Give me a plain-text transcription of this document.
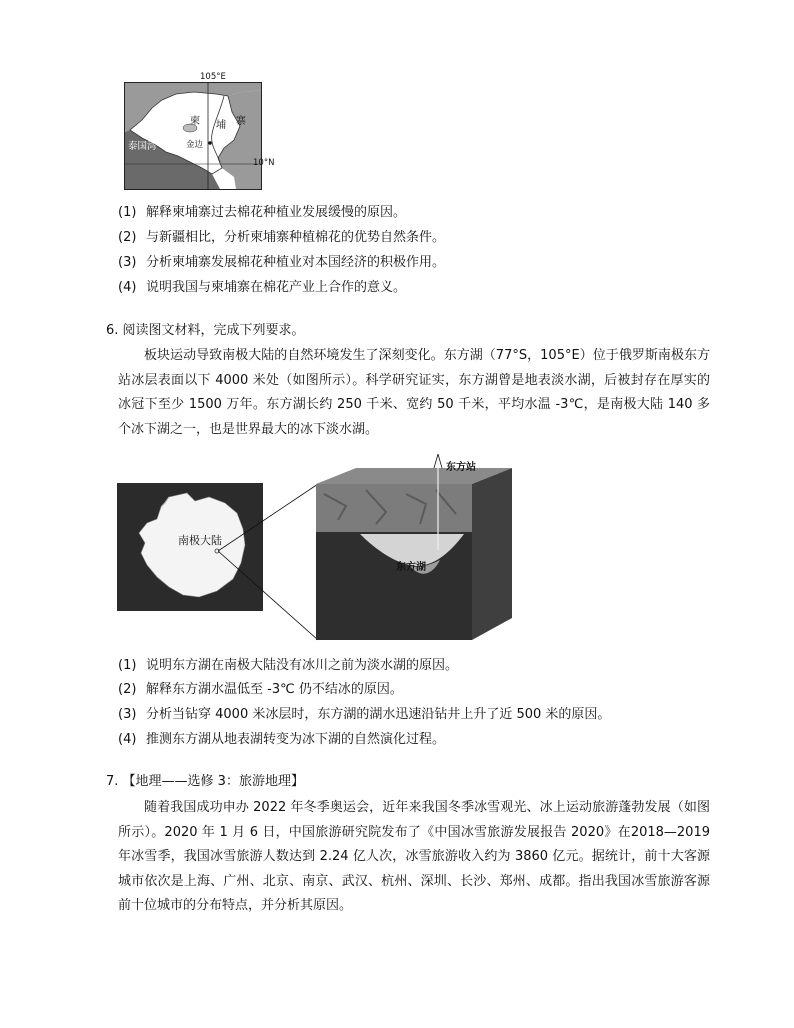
105°E
10°N
柬 埔 寨
金边
泰国湾
(1) 解释柬埔寨过去棉花种植业发展缓慢的原因。
(2) 与新疆相比，分析柬埔寨种植棉花的优势自然条件。
(3) 分析柬埔寨发展棉花种植业对本国经济的积极作用。
(4) 说明我国与柬埔寨在棉花产业上合作的意义。
6. 阅读图文材料，完成下列要求。
板块运动导致南极大陆的自然环境发生了深刻变化。东方湖（77°S，105°E）位于俄罗斯南极东方站冰层表面以下 4000 米处（如图所示）。科学研究证实，东方湖曾是地表淡水湖，后被封存在厚实的冰冠下至少 1500 万年。东方湖长约 250 千米、宽约 50 千米，平均水温 -3℃，是南极大陆 140 多个冰下湖之一，也是世界最大的冰下淡水湖。
南极大陆
东方站
东方湖
(1) 说明东方湖在南极大陆没有冰川之前为淡水湖的原因。
(2) 解释东方湖水温低至 -3℃ 仍不结冰的原因。
(3) 分析当钻穿 4000 米冰层时，东方湖的湖水迅速沿钻井上升了近 500 米的原因。
(4) 推测东方湖从地表湖转变为冰下湖的自然演化过程。
7. 【地理——选修 3：旅游地理】
随着我国成功申办 2022 年冬季奥运会，近年来我国冬季冰雪观光、冰上运动旅游蓬勃发展（如图所示）。2020 年 1 月 6 日，中国旅游研究院发布了《中国冰雪旅游发展报告 2020》在2018—2019 年冰雪季，我国冰雪旅游人数达到 2.24 亿人次，冰雪旅游收入约为 3860 亿元。据统计，前十大客源城市依次是上海、广州、北京、南京、武汉、杭州、深圳、长沙、郑州、成都。指出我国冰雪旅游客源前十位城市的分布特点，并分析其原因。
